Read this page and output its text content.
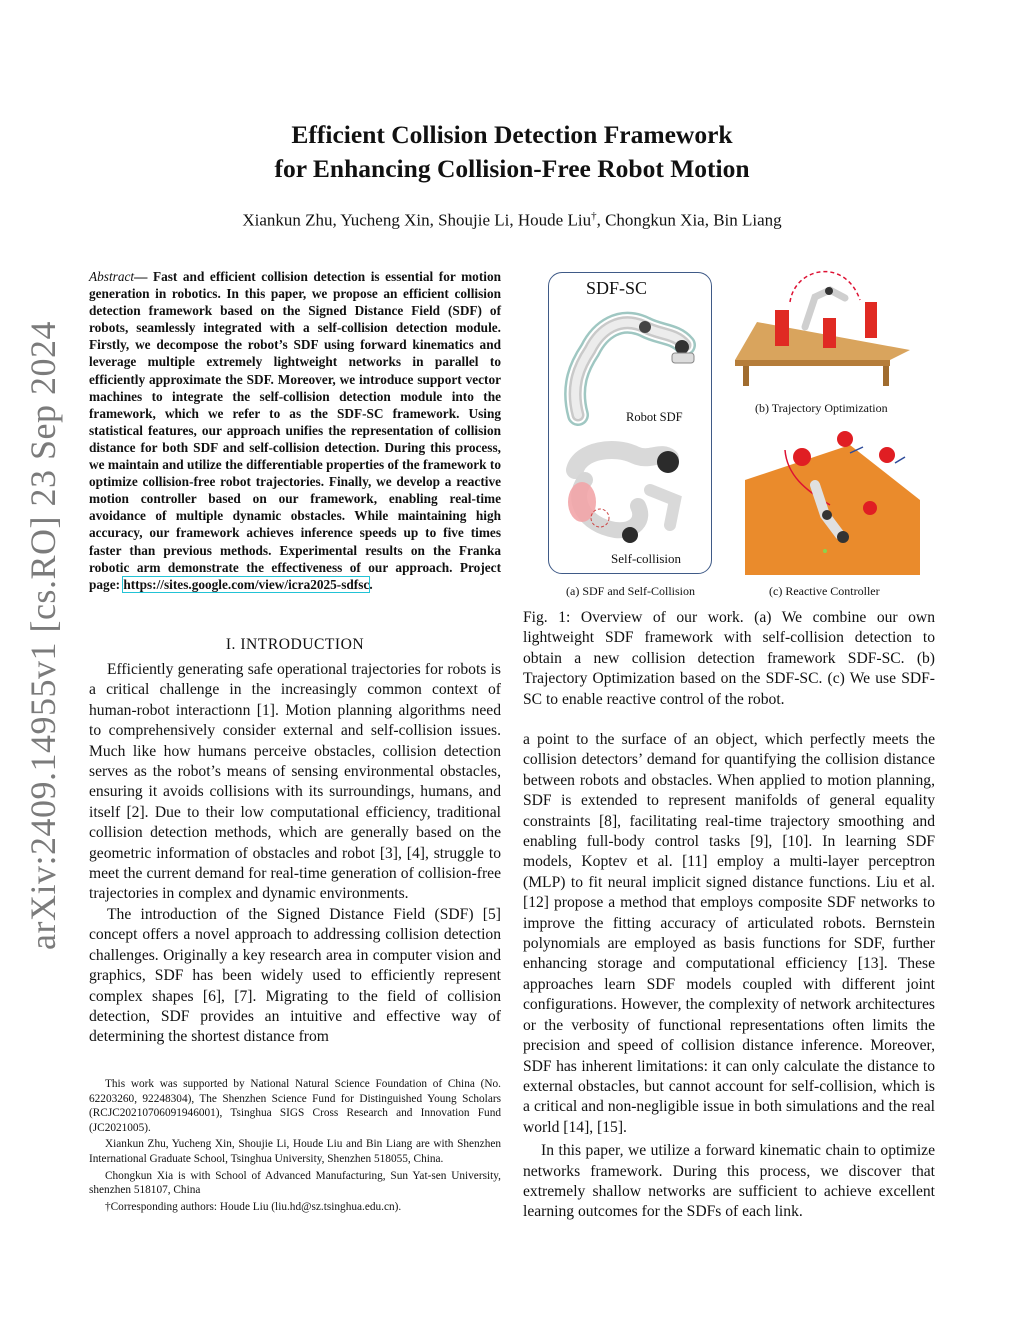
arXiv:2409.14955v1 [cs.RO] 23 Sep 2024
Efficient Collision Detection Framework
for Enhancing Collision-Free Robot Motion
Xiankun Zhu, Yucheng Xin, Shoujie Li, Houde Liu†, Chongkun Xia, Bin Liang
Abstract— Fast and efficient collision detection is essential for motion generation in robotics. In this paper, we propose an efficient collision detection framework based on the Signed Distance Field (SDF) of robots, seamlessly integrated with a self-collision detection module. Firstly, we decompose the robot’s SDF using forward kinematics and leverage multiple extremely lightweight networks in parallel to efficiently approximate the SDF. Moreover, we introduce support vector machines to integrate the self-collision detection module into the framework, which we refer to as the SDF-SC framework. Using statistical features, our approach unifies the representation of collision distance for both SDF and self-collision detection. During this process, we maintain and utilize the differentiable properties of the framework to optimize collision-free robot trajectories. Finally, we develop a reactive motion controller based on our framework, enabling real-time avoidance of multiple dynamic obstacles. While maintaining high accuracy, our framework achieves inference speeds up to five times faster than previous methods. Experimental results on the Franka robotic arm demonstrate the effectiveness of our approach. Project page: https://sites.google.com/view/icra2025-sdfsc.
I. INTRODUCTION

Efficiently generating safe operational trajectories for robots is a critical challenge in the increasingly common context of human-robot interactionn [1]. Motion planning algorithms need to comprehensively consider external and self-collision issues. Much like how humans perceive obstacles, collision detection serves as the robot’s means of sensing environmental obstacles, ensuring it avoids collisions with its surroundings, humans, and itself [2]. Due to their low computational efficiency, traditional collision detection methods, which are generally based on the geometric information of obstacles and robot [3], [4], struggle to meet the current demand for real-time generation of collision-free trajectories in complex and dynamic environments.

The introduction of the Signed Distance Field (SDF) [5] concept offers a novel approach to addressing collision detection challenges. Originally a key research area in computer vision and graphics, SDF has been widely used to efficiently represent complex shapes [6], [7]. Migrating to the field of collision detection, SDF provides an intuitive and effective way of determining the shortest distance from

This work was supported by National Natural Science Foundation of China (No. 62203260, 92248304), The Shenzhen Science Fund for Distinguished Young Scholars (RCJC20210706091946001), Tsinghua SIGS Cross Research and Innovation Fund (JC2021005).

Xiankun Zhu, Yucheng Xin, Shoujie Li, Houde Liu and Bin Liang are with Shenzhen International Graduate School, Tsinghua University, Shenzhen 518055, China.

Chongkun Xia is with School of Advanced Manufacturing, Sun Yat-sen University, shenzhen 518107, China

†Corresponding authors: Houde Liu (liu.hd@sz.tsinghua.edu.cn).

SDF-SC
Robot SDF
Self-collision
(b) Trajectory Optimization
(a) SDF and Self-Collision	(c) Reactive Controller
Fig. 1: Overview of our work. (a) We combine our own lightweight SDF framework with self-collision detection to obtain a new collision detection framework SDF-SC. (b) Trajectory Optimization based on the SDF-SC. (c) We use SDF-SC to enable reactive control of the robot.

a point to the surface of an object, which perfectly meets the collision detectors’ demand for quantifying the collision distance between robots and obstacles. When applied to motion planning, SDF is extended to represent manifolds of general equality constraints [8], facilitating real-time trajectory smoothing and enabling full-body control tasks [9], [10]. In learning SDF models, Koptev et al. [11] employ a multi-layer perceptron (MLP) to fit neural implicit signed distance functions. Liu et al. [12] propose a method that employs composite SDF networks to improve the fitting accuracy of articulated robots. Bernstein polynomials are employed as basis functions for SDF, further enhancing storage and computational efficiency [13]. These approaches learn SDF models coupled with different joint configurations. However, the complexity of network architectures or the verbosity of functional representations often limits the precision and speed of collision distance inference. Moreover, SDF has inherent limitations: it can only calculate the distance to external obstacles, but cannot account for self-collision, which is a critical and non-negligible issue in both simulations and the real world [14], [15].

In this paper, we utilize a forward kinematic chain to optimize networks framework. During this process, we discover that extremely shallow networks are sufficient to achieve excellent learning outcomes for the SDFs of each link.
